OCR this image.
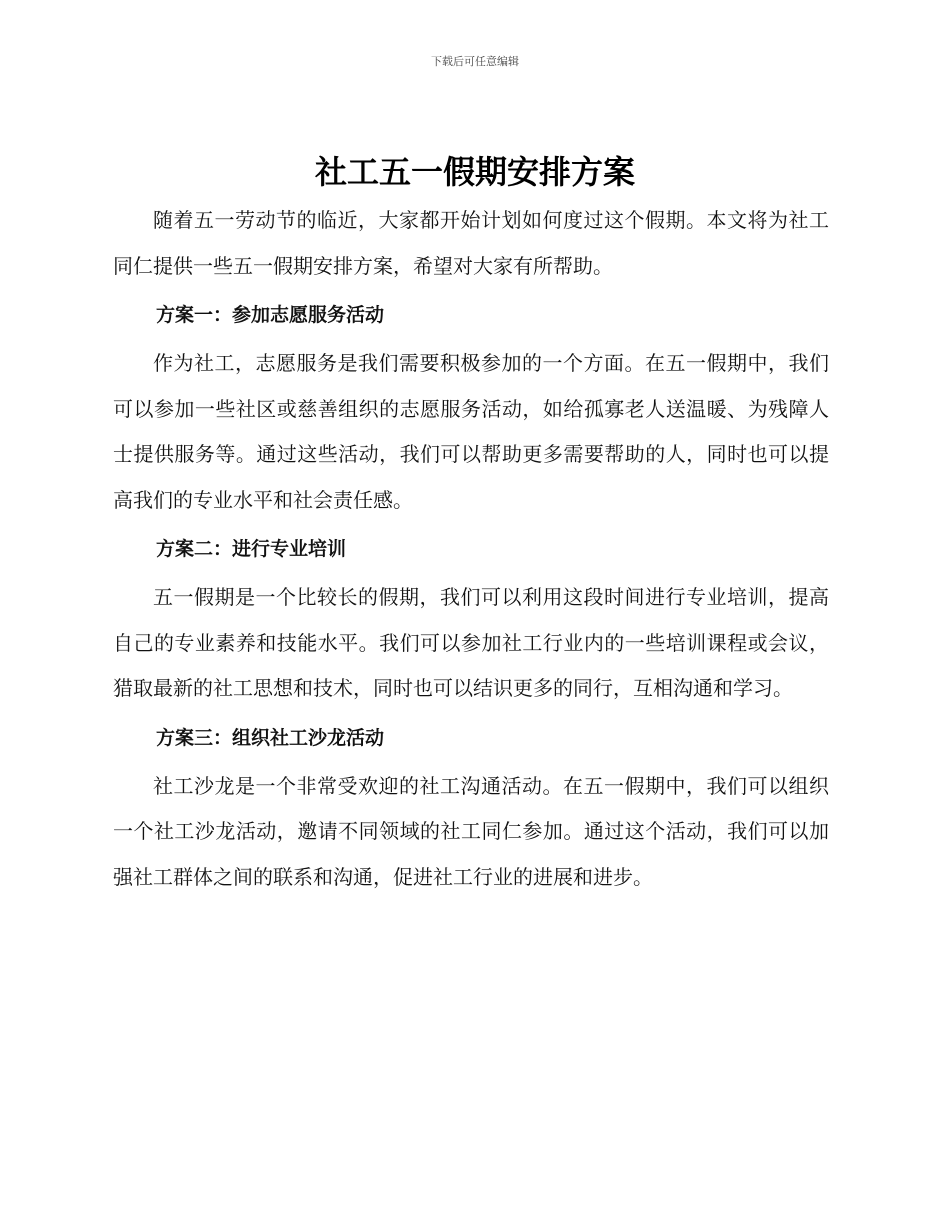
下载后可任意编辑
社工五一假期安排方案

随着五一劳动节的临近，大家都开始计划如何度过这个假期。本文将为社工同仁提供一些五一假期安排方案，希望对大家有所帮助。

方案一：参加志愿服务活动

作为社工，志愿服务是我们需要积极参加的一个方面。在五一假期中，我们可以参加一些社区或慈善组织的志愿服务活动，如给孤寡老人送温暖、为残障人士提供服务等。通过这些活动，我们可以帮助更多需要帮助的人，同时也可以提高我们的专业水平和社会责任感。

方案二：进行专业培训

五一假期是一个比较长的假期，我们可以利用这段时间进行专业培训，提高自己的专业素养和技能水平。我们可以参加社工行业内的一些培训课程或会议，猎取最新的社工思想和技术，同时也可以结识更多的同行，互相沟通和学习。

方案三：组织社工沙龙活动

社工沙龙是一个非常受欢迎的社工沟通活动。在五一假期中，我们可以组织一个社工沙龙活动，邀请不同领域的社工同仁参加。通过这个活动，我们可以加强社工群体之间的联系和沟通，促进社工行业的进展和进步。
